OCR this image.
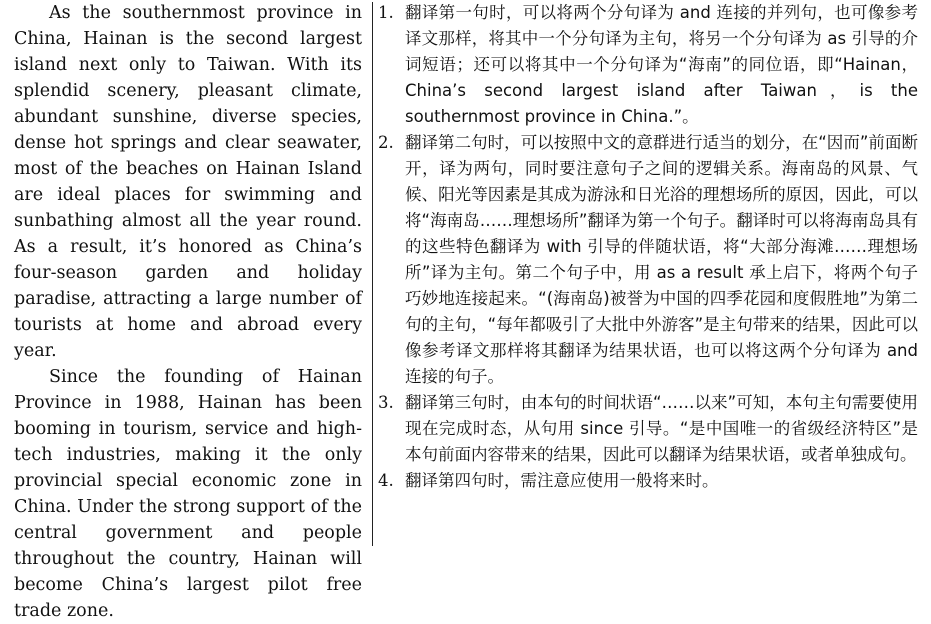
As the southernmost province in China, Hainan is the second largest island next only to Taiwan. With its splendid scenery, pleasant climate, abundant sunshine, diverse species, dense hot springs and clear seawater, most of the beaches on Hainan Island are ideal places for swimming and sunbathing almost all the year round. As a result, it’s honored as China’s four-season garden and holiday paradise, attracting a large number of tourists at home and abroad every year.

Since the founding of Hainan Province in 1988, Hainan has been booming in tourism, service and high-tech industries, making it the only provincial special economic zone in China. Under the strong support of the central government and people throughout the country, Hainan will become China’s largest pilot free trade zone.

1. 翻译第一句时，可以将两个分句译为 and 连接的并列句，也可像参考译文那样，将其中一个分句译为主句，将另一个分句译为 as 引导的介词短语；还可以将其中一个分句译为“海南”的同位语，即“Hainan，China’s second largest island after Taiwan，is the southernmost province in China.”。
2. 翻译第二句时，可以按照中文的意群进行适当的划分，在“因而”前面断开，译为两句，同时要注意句子之间的逻辑关系。海南岛的风景、气候、阳光等因素是其成为游泳和日光浴的理想场所的原因，因此，可以将“海南岛……理想场所”翻译为第一个句子。翻译时可以将海南岛具有的这些特色翻译为 with 引导的伴随状语，将“大部分海滩……理想场所”译为主句。第二个句子中，用 as a result 承上启下，将两个句子巧妙地连接起来。“(海南岛)被誉为中国的四季花园和度假胜地”为第二句的主句，“每年都吸引了大批中外游客”是主句带来的结果，因此可以像参考译文那样将其翻译为结果状语，也可以将这两个分句译为 and 连接的句子。
3. 翻译第三句时，由本句的时间状语“……以来”可知，本句主句需要使用现在完成时态，从句用 since 引导。“是中国唯一的省级经济特区”是本句前面内容带来的结果，因此可以翻译为结果状语，或者单独成句。
4. 翻译第四句时，需注意应使用一般将来时。
